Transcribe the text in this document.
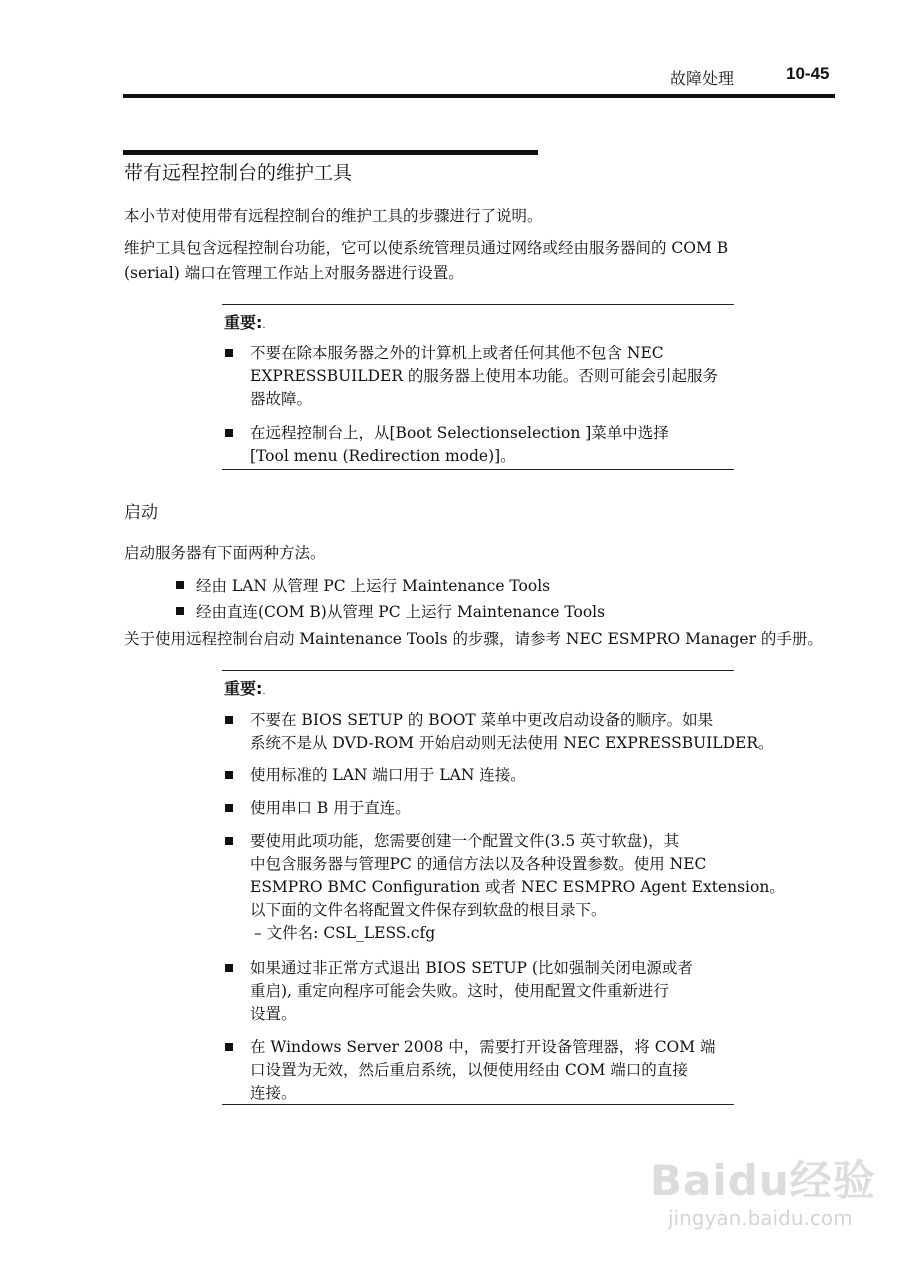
故障处理	10-45
带有远程控制台的维护工具
本小节对使用带有远程控制台的维护工具的步骤进行了说明。
维护工具包含远程控制台功能，它可以使系统管理员通过网络或经由服务器间的 COM B
(serial) 端口在管理工作站上对服务器进行设置。
重要:.
不要在除本服务器之外的计算机上或者任何其他不包含 NEC
EXPRESSBUILDER 的服务器上使用本功能。否则可能会引起服务
器故障。
在远程控制台上，从[Boot Selectionselection ]菜单中选择
[Tool menu (Redirection mode)]。
启动
启动服务器有下面两种方法。
经由 LAN 从管理 PC 上运行 Maintenance Tools
经由直连(COM B)从管理 PC 上运行 Maintenance Tools
关于使用远程控制台启动 Maintenance Tools 的步骤，请参考 NEC ESMPRO Manager 的手册。
重要:.
不要在 BIOS SETUP 的 BOOT 菜单中更改启动设备的顺序。如果
系统不是从 DVD-ROM 开始启动则无法使用 NEC EXPRESSBUILDER。
使用标准的 LAN 端口用于 LAN 连接。
使用串口 B 用于直连。
要使用此项功能，您需要创建一个配置文件(3.5 英寸软盘)，其
中包含服务器与管理PC 的通信方法以及各种设置参数。使用 NEC
ESMPRO BMC Configuration 或者 NEC ESMPRO Agent Extension。
以下面的文件名将配置文件保存到软盘的根目录下。
– 文件名: CSL_LESS.cfg
如果通过非正常方式退出 BIOS SETUP (比如强制关闭电源或者
重启), 重定向程序可能会失败。这时，使用配置文件重新进行
设置。
在 Windows Server 2008 中，需要打开设备管理器，将 COM 端
口设置为无效，然后重启系统，以便使用经由 COM 端口的直接
连接。
Baidu经验
jingyan.baidu.com
